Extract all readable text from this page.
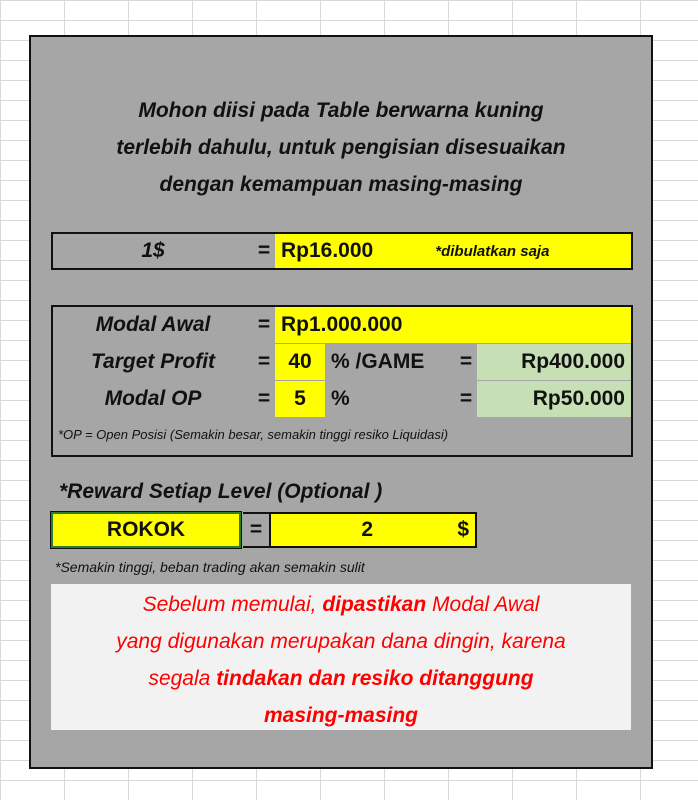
Mohon diisi pada Table berwarna kuning
terlebih dahulu, untuk pengisian disesuaikan
dengan kemampuan masing-masing
1$	= Rp16.000	*dibulatkan saja
Modal Awal	= Rp1.000.000
Target Profit	= 40 % /GAME	=	Rp400.000
Modal OP	=	5	%	=	Rp50.000
*OP = Open Posisi (Semakin besar, semakin tinggi resiko Liquidasi)
*Reward Setiap Level (Optional )
ROKOK	=	2	$
*Semakin tinggi, beban trading akan semakin sulit
Sebelum memulai, dipastikan Modal Awal
yang digunakan merupakan dana dingin, karena
segala tindakan dan resiko ditanggung
masing-masing
